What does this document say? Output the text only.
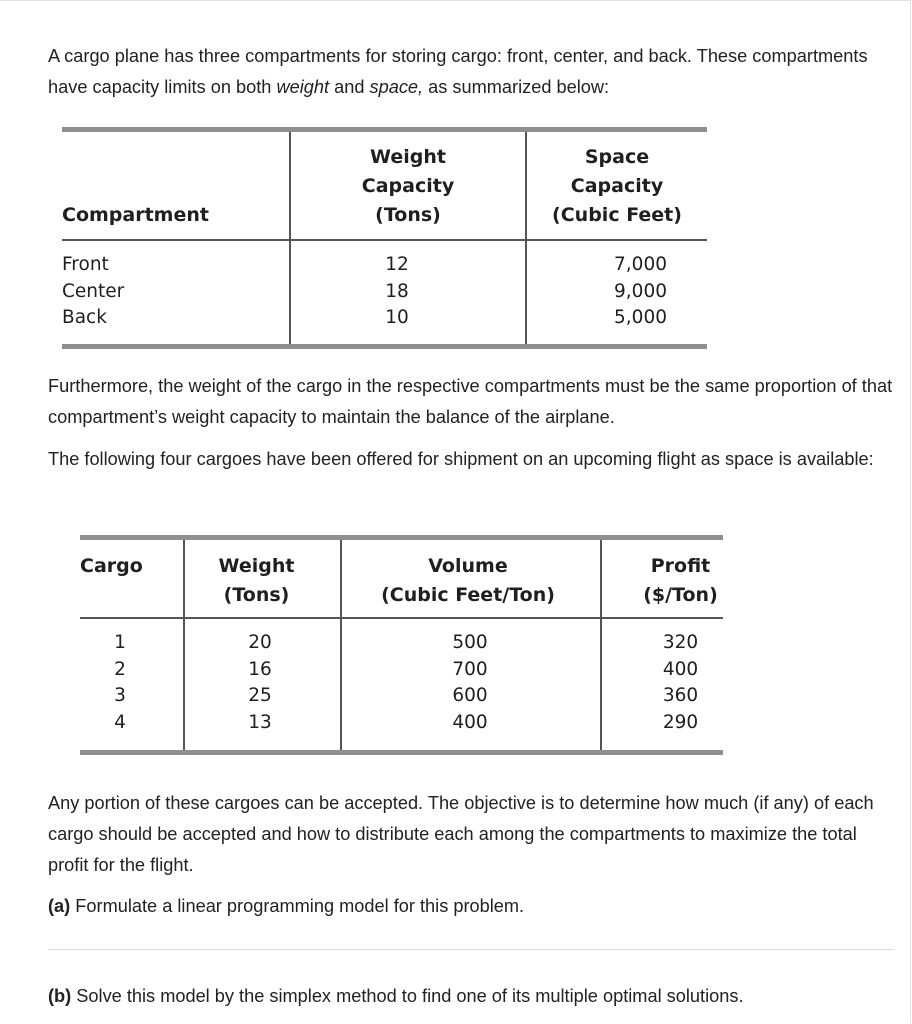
A cargo plane has three compartments for storing cargo: front, center, and back. These compartments have capacity limits on both weight and space, as summarized below:

Compartment
Weight
Capacity
(Tons)
Space
Capacity
(Cubic Feet)
Front
Center
Back
12
18
10
7,000
9,000
5,000

Furthermore, the weight of the cargo in the respective compartments must be the same proportion of that compartment’s weight capacity to maintain the balance of the airplane.

The following four cargoes have been offered for shipment on an upcoming flight as space is available:

Cargo	Weight
(Tons)
Volume
(Cubic Feet/Ton)
Profit
($/Ton)
1
2
3
4
20
16
25
13
500
700
600
400
320
400
360
290

Any portion of these cargoes can be accepted. The objective is to determine how much (if any) of each cargo should be accepted and how to distribute each among the compartments to maximize the total profit for the flight.

(a) Formulate a linear programming model for this problem.

(b) Solve this model by the simplex method to find one of its multiple optimal solutions.
